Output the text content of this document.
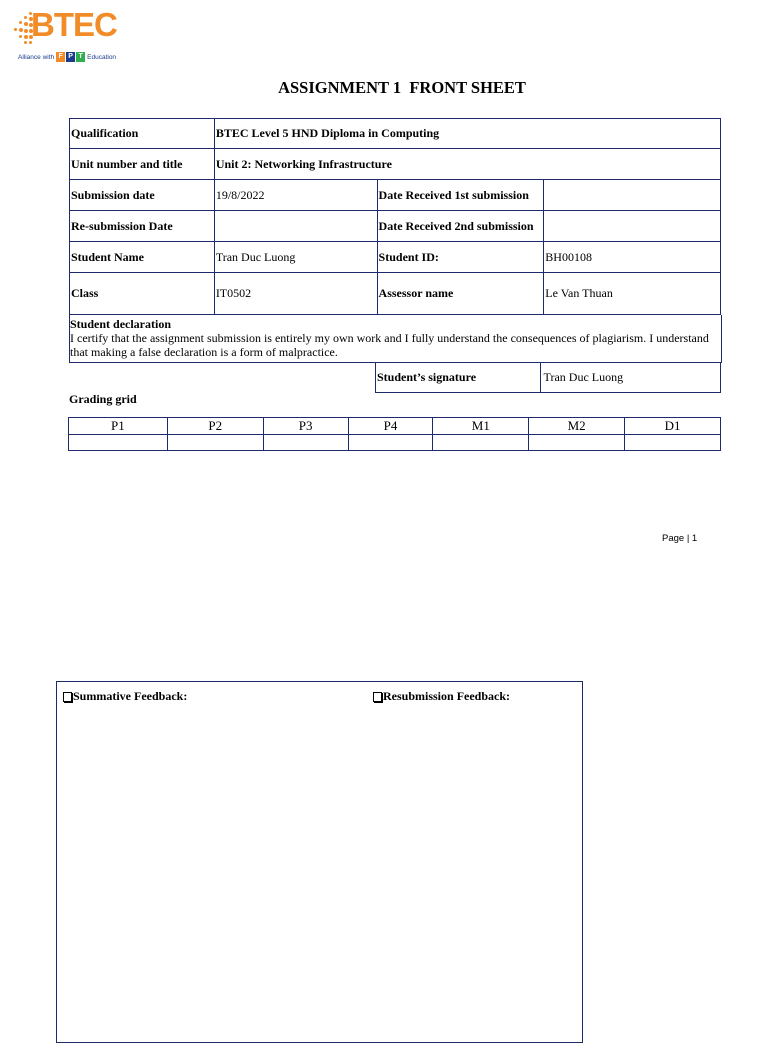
BTEC
Alliance with F P T Education
ASSIGNMENT 1  FRONT SHEET
Qualification	BTEC Level 5 HND Diploma in Computing		
Unit number and title	Unit 2: Networking Infrastructure		
Submission date	19/8/2022	Date Received 1st submission	
Re-submission Date		Date Received 2nd submission	
Student Name	Tran Duc Luong	Student ID:	BH00108
Class	IT0502	Assessor name	Le Van Thuan
Student declaration
I certify that the assignment submission is entirely my own work and I fully understand the consequences of plagiarism. I understand that making a false declaration is a form of malpractice.
Student’s signature	Tran Duc Luong
Grading grid
P1	P2	P3	P4	M1	M2	D1

Page | 1
Summative Feedback:	Resubmission Feedback:
